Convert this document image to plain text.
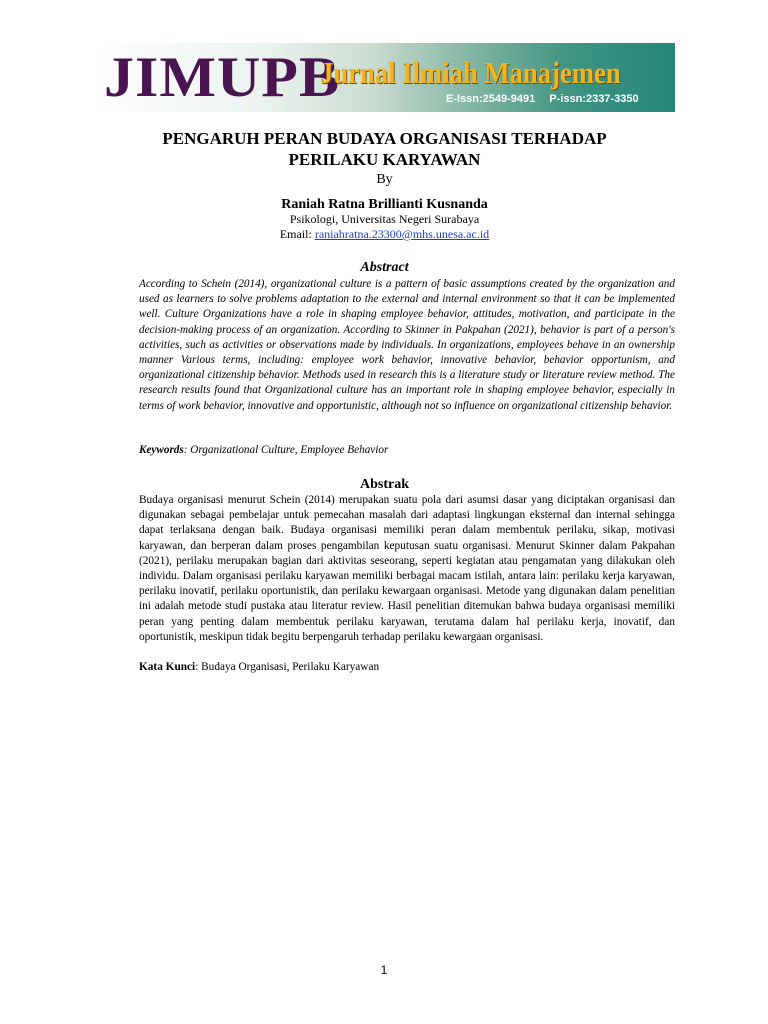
JIMUPB
Jurnal Ilmiah Manajemen
E-Issn:2549-9491 P-issn:2337-3350
PENGARUH PERAN BUDAYA ORGANISASI TERHADAP
PERILAKU KARYAWAN
By
Raniah Ratna Brillianti Kusnanda
Psikologi, Universitas Negeri Surabaya
Email: raniahratna.23300@mhs.unesa.ac.id
Abstract
According to Schein (2014), organizational culture is a pattern of basic assumptions created by the organization and used as learners to solve problems adaptation to the external and internal environment so that it can be implemented well. Culture Organizations have a role in shaping employee behavior, attitudes, motivation, and participate in the decision-making process of an organization. According to Skinner in Pakpahan (2021), behavior is part of a person's activities, such as activities or observations made by individuals. In organizations, employees behave in an ownership manner Various terms, including: employee work behavior, innovative behavior, behavior opportunism, and organizational citizenship behavior. Methods used in research this is a literature study or literature review method. The research results found that Organizational culture has an important role in shaping employee behavior, especially in terms of work behavior, innovative and opportunistic, although not so influence on organizational citizenship behavior.
Keywords: Organizational Culture, Employee Behavior
Abstrak
Budaya organisasi menurut Schein (2014) merupakan suatu pola dari asumsi dasar yang diciptakan organisasi dan digunakan sebagai pembelajar untuk pemecahan masalah dari adaptasi lingkungan eksternal dan internal sehingga dapat terlaksana dengan baik. Budaya organisasi memiliki peran dalam membentuk perilaku, sikap, motivasi karyawan, dan berperan dalam proses pengambilan keputusan suatu organisasi. Menurut Skinner dalam Pakpahan (2021), perilaku merupakan bagian dari aktivitas seseorang, seperti kegiatan atau pengamatan yang dilakukan oleh individu. Dalam organisasi perilaku karyawan memiliki berbagai macam istilah, antara lain: perilaku kerja karyawan, perilaku inovatif, perilaku oportunistik, dan perilaku kewargaan organisasi. Metode yang digunakan dalam penelitian ini adalah metode studi pustaka atau literatur review. Hasil penelitian ditemukan bahwa budaya organisasi memiliki peran yang penting dalam membentuk perilaku karyawan, terutama dalam hal perilaku kerja, inovatif, dan oportunistik, meskipun tidak begitu berpengaruh terhadap perilaku kewargaan organisasi.
Kata Kunci: Budaya Organisasi, Perilaku Karyawan
1
